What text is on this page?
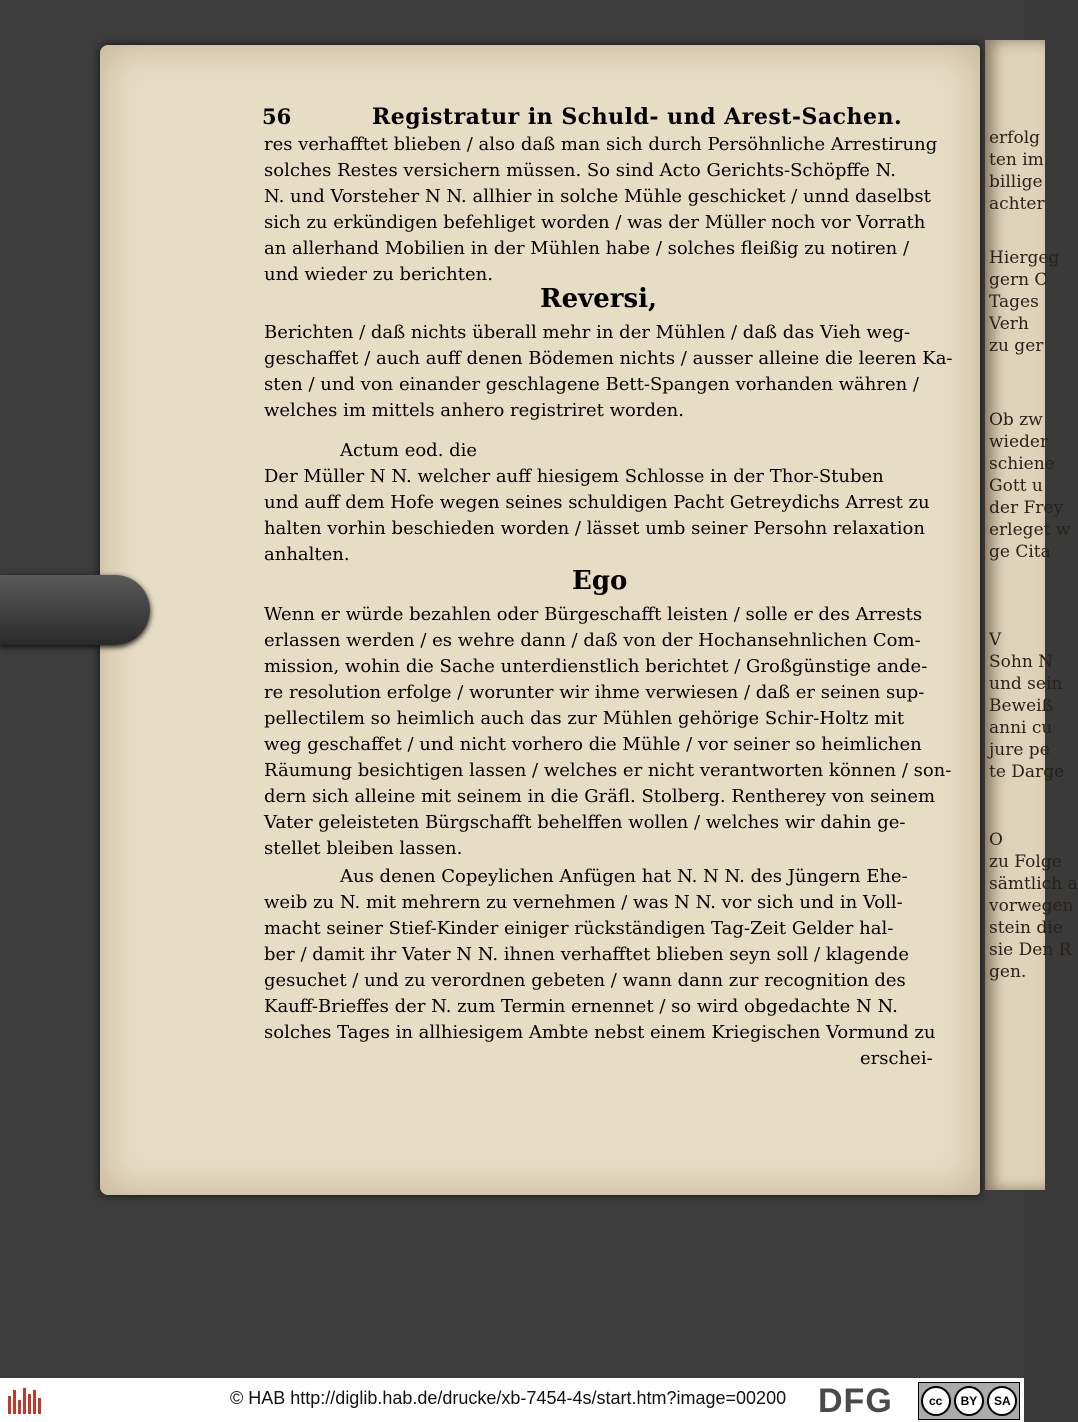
erfolg
ten im
billige
achter
Hiergeg
gern C
Tages
Verh
zu ger
Ob zw
wieder
schiene
Gott u
der Frey
erleget w
ge Cita
V
Sohn N
und sein
Beweiß
anni cu
jure pe
te Darge
O
zu Folge
sämtlich a
vorwegen
stein die
sie Den R
gen.
56	Registratur in Schuld- und Arest-Sachen.
res verhafftet blieben / also daß man sich durch Persöhnliche Arrestirung
solches Restes versichern müssen. So sind Acto Gerichts-Schöpffe N.
N. und Vorsteher N N. allhier in solche Mühle geschicket / unnd daselbst
sich zu erkündigen befehliget worden / was der Müller noch vor Vorrath
an allerhand Mobilien in der Mühlen habe / solches fleißig zu notiren /
und wieder zu berichten.
Reversi,
Berichten / daß nichts überall mehr in der Mühlen / daß das Vieh weg-
geschaffet / auch auff denen Bödemen nichts / ausser alleine die leeren Ka-
sten / und von einander geschlagene Bett-Spangen vorhanden währen /
welches im mittels anhero registriret worden.
Actum eod. die
Der Müller N N. welcher auff hiesigem Schlosse in der Thor-Stuben
und auff dem Hofe wegen seines schuldigen Pacht Getreydichs Arrest zu
halten vorhin beschieden worden / lässet umb seiner Persohn relaxation
anhalten.
Ego
Wenn er würde bezahlen oder Bürgeschafft leisten / solle er des Arrests
erlassen werden / es wehre dann / daß von der Hochansehnlichen Com-
mission, wohin die Sache unterdienstlich berichtet / Großgünstige ande-
re resolution erfolge / worunter wir ihme verwiesen / daß er seinen sup-
pellectilem so heimlich auch das zur Mühlen gehörige Schir-Holtz mit
weg geschaffet / und nicht vorhero die Mühle / vor seiner so heimlichen
Räumung besichtigen lassen / welches er nicht verantworten können / son-
dern sich alleine mit seinem in die Gräfl. Stolberg. Rentherey von seinem
Vater geleisteten Bürgschafft behelffen wollen / welches wir dahin ge-
stellet bleiben lassen.
Aus denen Copeylichen Anfügen hat N. N N. des Jüngern Ehe-
weib zu N. mit mehrern zu vernehmen / was N N. vor sich und in Voll-
macht seiner Stief-Kinder einiger rückständigen Tag-Zeit Gelder hal-
ber / damit ihr Vater N N. ihnen verhafftet blieben seyn soll / klagende
gesuchet / und zu verordnen gebeten / wann dann zur recognition des
Kauff-Brieffes der N. zum Termin ernennet / so wird obgedachte N N.
solches Tages in allhiesigem Ambte nebst einem Kriegischen Vormund zu
erschei-
© HAB http://diglib.hab.de/drucke/xb-7454-4s/start.htm?image=00200 DFG	cc	BY	SA
